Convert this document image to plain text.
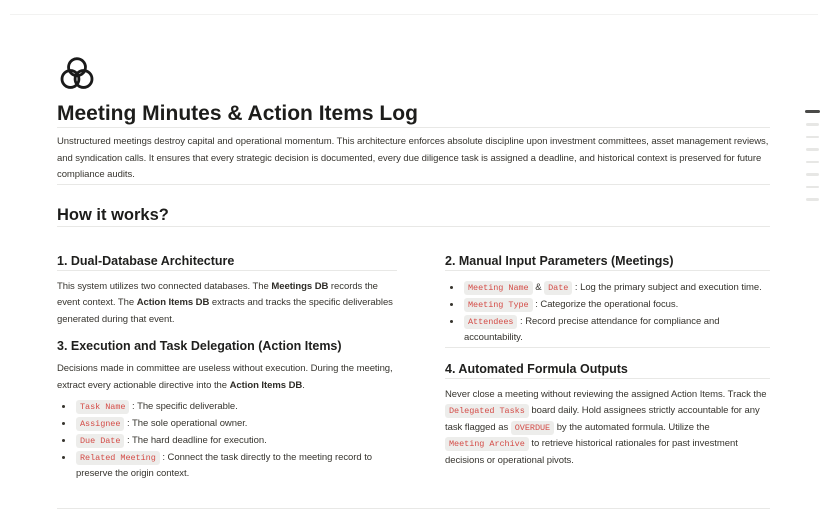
Meeting Minutes & Action Items Log

Unstructured meetings destroy capital and operational momentum. This architecture enforces absolute discipline upon investment committees, asset management reviews, and syndication calls. It ensures that every strategic decision is documented, every due diligence task is assigned a deadline, and historical context is preserved for future compliance audits.

How it works?
1. Dual-Database Architecture

This system utilizes two connected databases. The Meetings DB records the event context. The Action Items DB extracts and tracks the specific deliverables generated during that event.

3. Execution and Task Delegation (Action Items)

Decisions made in committee are useless without execution. During the meeting, extract every actionable directive into the Action Items DB.

• Task Name : The specific deliverable.
• Assignee : The sole operational owner.
• Due Date : The hard deadline for execution.
• Related Meeting : Connect the task directly to the meeting record to preserve the origin context.
2. Manual Input Parameters (Meetings)
• Meeting Name & Date : Log the primary subject and execution time.
• Meeting Type : Categorize the operational focus.
• Attendees : Record precise attendance for compliance and accountability.
4. Automated Formula Outputs

Never close a meeting without reviewing the assigned Action Items. Track the Delegated Tasks board daily. Hold assignees strictly accountable for any task flagged as OVERDUE by the automated formula. Utilize the Meeting Archive to retrieve historical rationales for past investment decisions or operational pivots.
